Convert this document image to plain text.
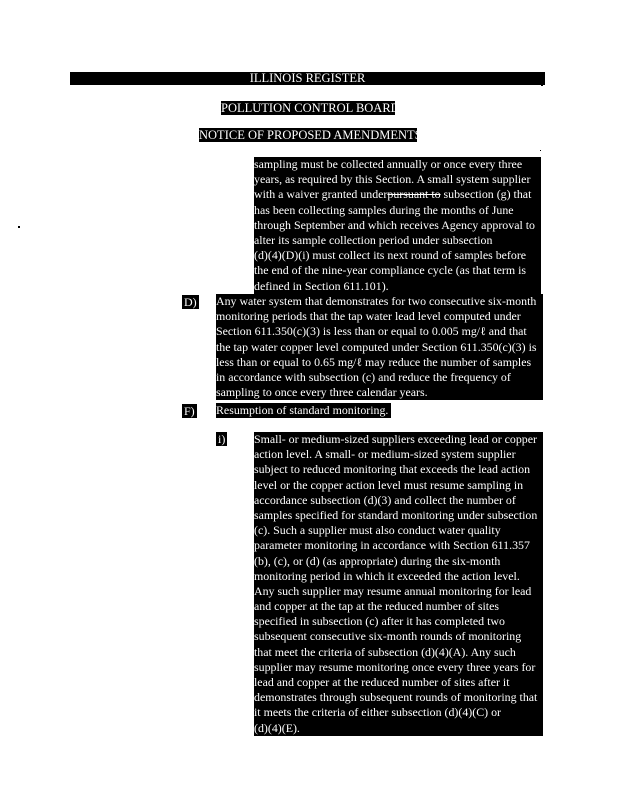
ILLINOIS REGISTER
POLLUTION CONTROL BOARD
NOTICE OF PROPOSED AMENDMENTS
sampling must be collected annually or once every three
years, as required by this Section. A small system supplier
with a waiver granted underpursuant to subsection (g) that
has been collecting samples during the months of June
through September and which receives Agency approval to
alter its sample collection period under subsection
(d)(4)(D)(i) must collect its next round of samples before
the end of the nine-year compliance cycle (as that term is
defined in Section 611.101).
D) Any water system that demonstrates for two consecutive six-month
monitoring periods that the tap water lead level computed under
Section 611.350(c)(3) is less than or equal to 0.005 mg/ℓ and that
the tap water copper level computed under Section 611.350(c)(3) is
less than or equal to 0.65 mg/ℓ may reduce the number of samples
in accordance with subsection (c) and reduce the frequency of
sampling to once every three calendar years.
F) Resumption of standard monitoring.
i) Small- or medium-sized suppliers exceeding lead or copper
action level. A small- or medium-sized system supplier
subject to reduced monitoring that exceeds the lead action
level or the copper action level must resume sampling in
accordance subsection (d)(3) and collect the number of
samples specified for standard monitoring under subsection
(c). Such a supplier must also conduct water quality
parameter monitoring in accordance with Section 611.357
(b), (c), or (d) (as appropriate) during the six-month
monitoring period in which it exceeded the action level.
Any such supplier may resume annual monitoring for lead
and copper at the tap at the reduced number of sites
specified in subsection (c) after it has completed two
subsequent consecutive six-month rounds of monitoring
that meet the criteria of subsection (d)(4)(A). Any such
supplier may resume monitoring once every three years for
lead and copper at the reduced number of sites after it
demonstrates through subsequent rounds of monitoring that
it meets the criteria of either subsection (d)(4)(C) or
(d)(4)(E).
